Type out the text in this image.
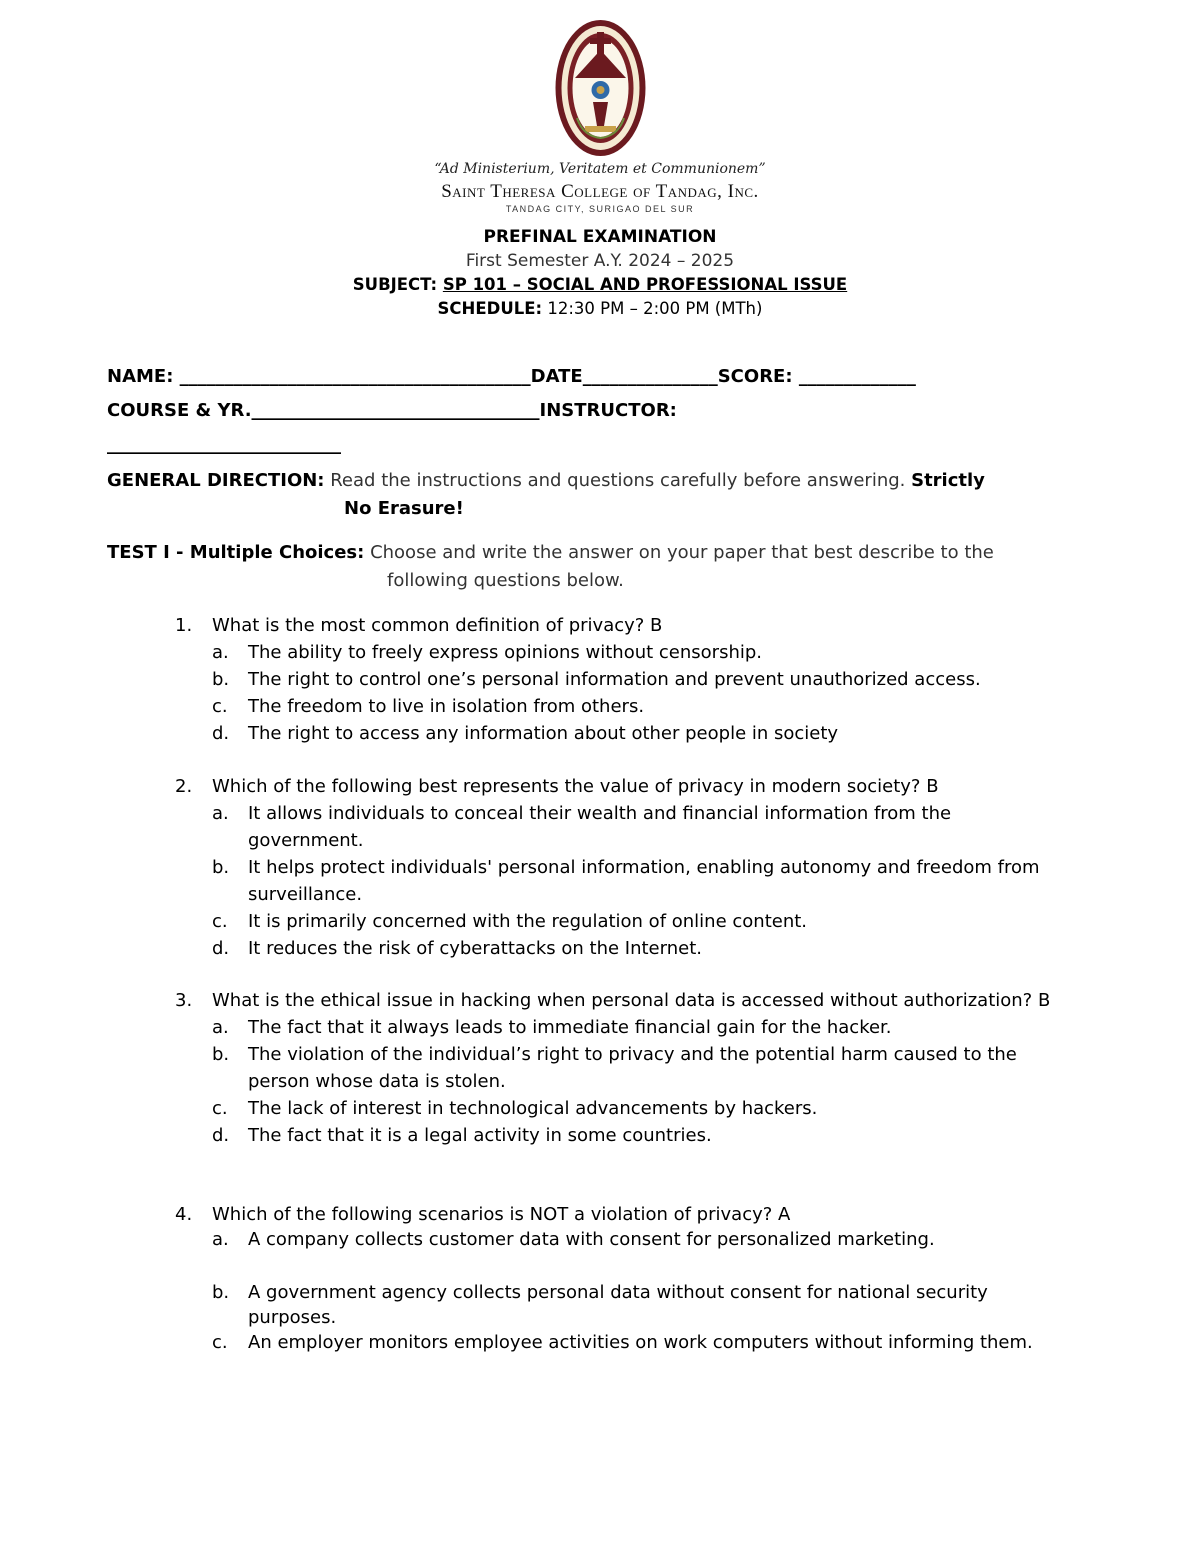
“Ad Ministerium, Veritatem et Communionem”
Saint Theresa College of Tandag, Inc.
TANDAG CITY, SURIGAO DEL SUR
PREFINAL EXAMINATION
First Semester A.Y. 2024 – 2025
SUBJECT: SP 101 – SOCIAL AND PROFESSIONAL ISSUE
SCHEDULE: 12:30 PM – 2:00 PM (MTh)
NAME: _______________________________________DATE_______________SCORE: _____________
COURSE & YR.________________________________INSTRUCTOR:
__________________________
GENERAL DIRECTION: Read the instructions and questions carefully before answering. Strictly
No Erasure!
TEST I - Multiple Choices: Choose and write the answer on your paper that best describe to the
following questions below.
1. What is the most common definition of privacy? B
a. The ability to freely express opinions without censorship.
b. The right to control one’s personal information and prevent unauthorized access.
c. The freedom to live in isolation from others.
d. The right to access any information about other people in society
2. Which of the following best represents the value of privacy in modern society? B
a. It allows individuals to conceal their wealth and financial information from the government.
b. It helps protect individuals' personal information, enabling autonomy and freedom from surveillance.
c. It is primarily concerned with the regulation of online content.
d. It reduces the risk of cyberattacks on the Internet.
3. What is the ethical issue in hacking when personal data is accessed without authorization? B
a. The fact that it always leads to immediate financial gain for the hacker.
b. The violation of the individual’s right to privacy and the potential harm caused to the person whose data is stolen.
c. The lack of interest in technological advancements by hackers.
d. The fact that it is a legal activity in some countries.
4. Which of the following scenarios is NOT a violation of privacy? A
a. A company collects customer data with consent for personalized marketing.
b. A government agency collects personal data without consent for national security purposes.
c. An employer monitors employee activities on work computers without informing them.
